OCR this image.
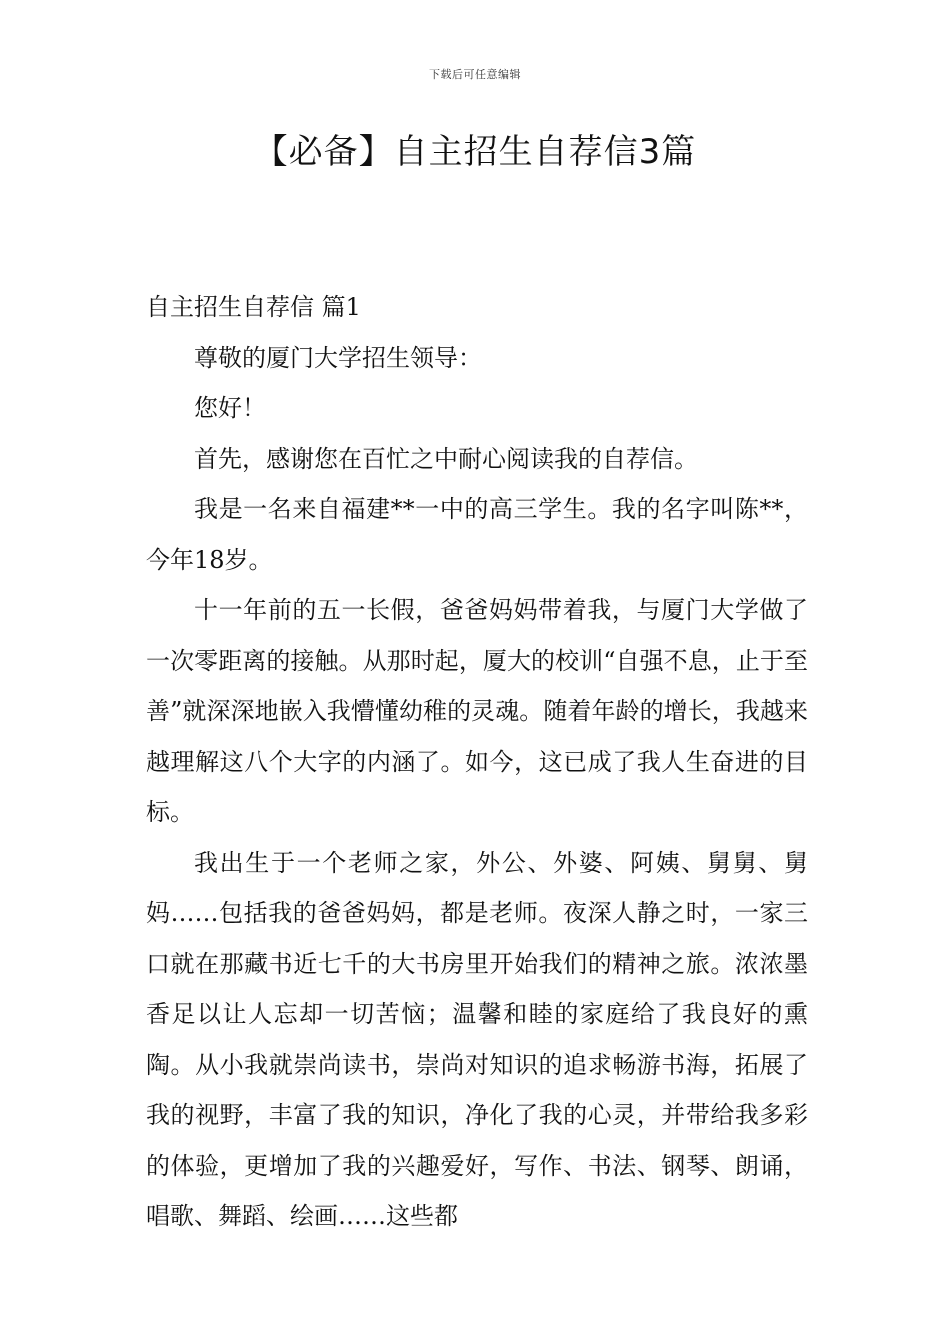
下载后可任意编辑
【必备】自主招生自荐信3篇

自主招生自荐信 篇1

尊敬的厦门大学招生领导：

您好！

首先，感谢您在百忙之中耐心阅读我的自荐信。

我是一名来自福建**一中的高三学生。我的名字叫陈**，今年18岁。

十一年前的五一长假，爸爸妈妈带着我，与厦门大学做了一次零距离的接触。从那时起，厦大的校训“自强不息，止于至善”就深深地嵌入我懵懂幼稚的灵魂。随着年龄的增长，我越来越理解这八个大字的内涵了。如今，这已成了我人生奋进的目标。

我出生于一个老师之家，外公、外婆、阿姨、舅舅、舅妈……包括我的爸爸妈妈，都是老师。夜深人静之时，一家三口就在那藏书近七千的大书房里开始我们的精神之旅。浓浓墨香足以让人忘却一切苦恼；温馨和睦的家庭给了我良好的熏陶。从小我就崇尚读书，崇尚对知识的追求畅游书海，拓展了我的视野，丰富了我的知识，净化了我的心灵，并带给我多彩的体验，更增加了我的兴趣爱好，写作、书法、钢琴、朗诵，唱歌、舞蹈、绘画……这些都
